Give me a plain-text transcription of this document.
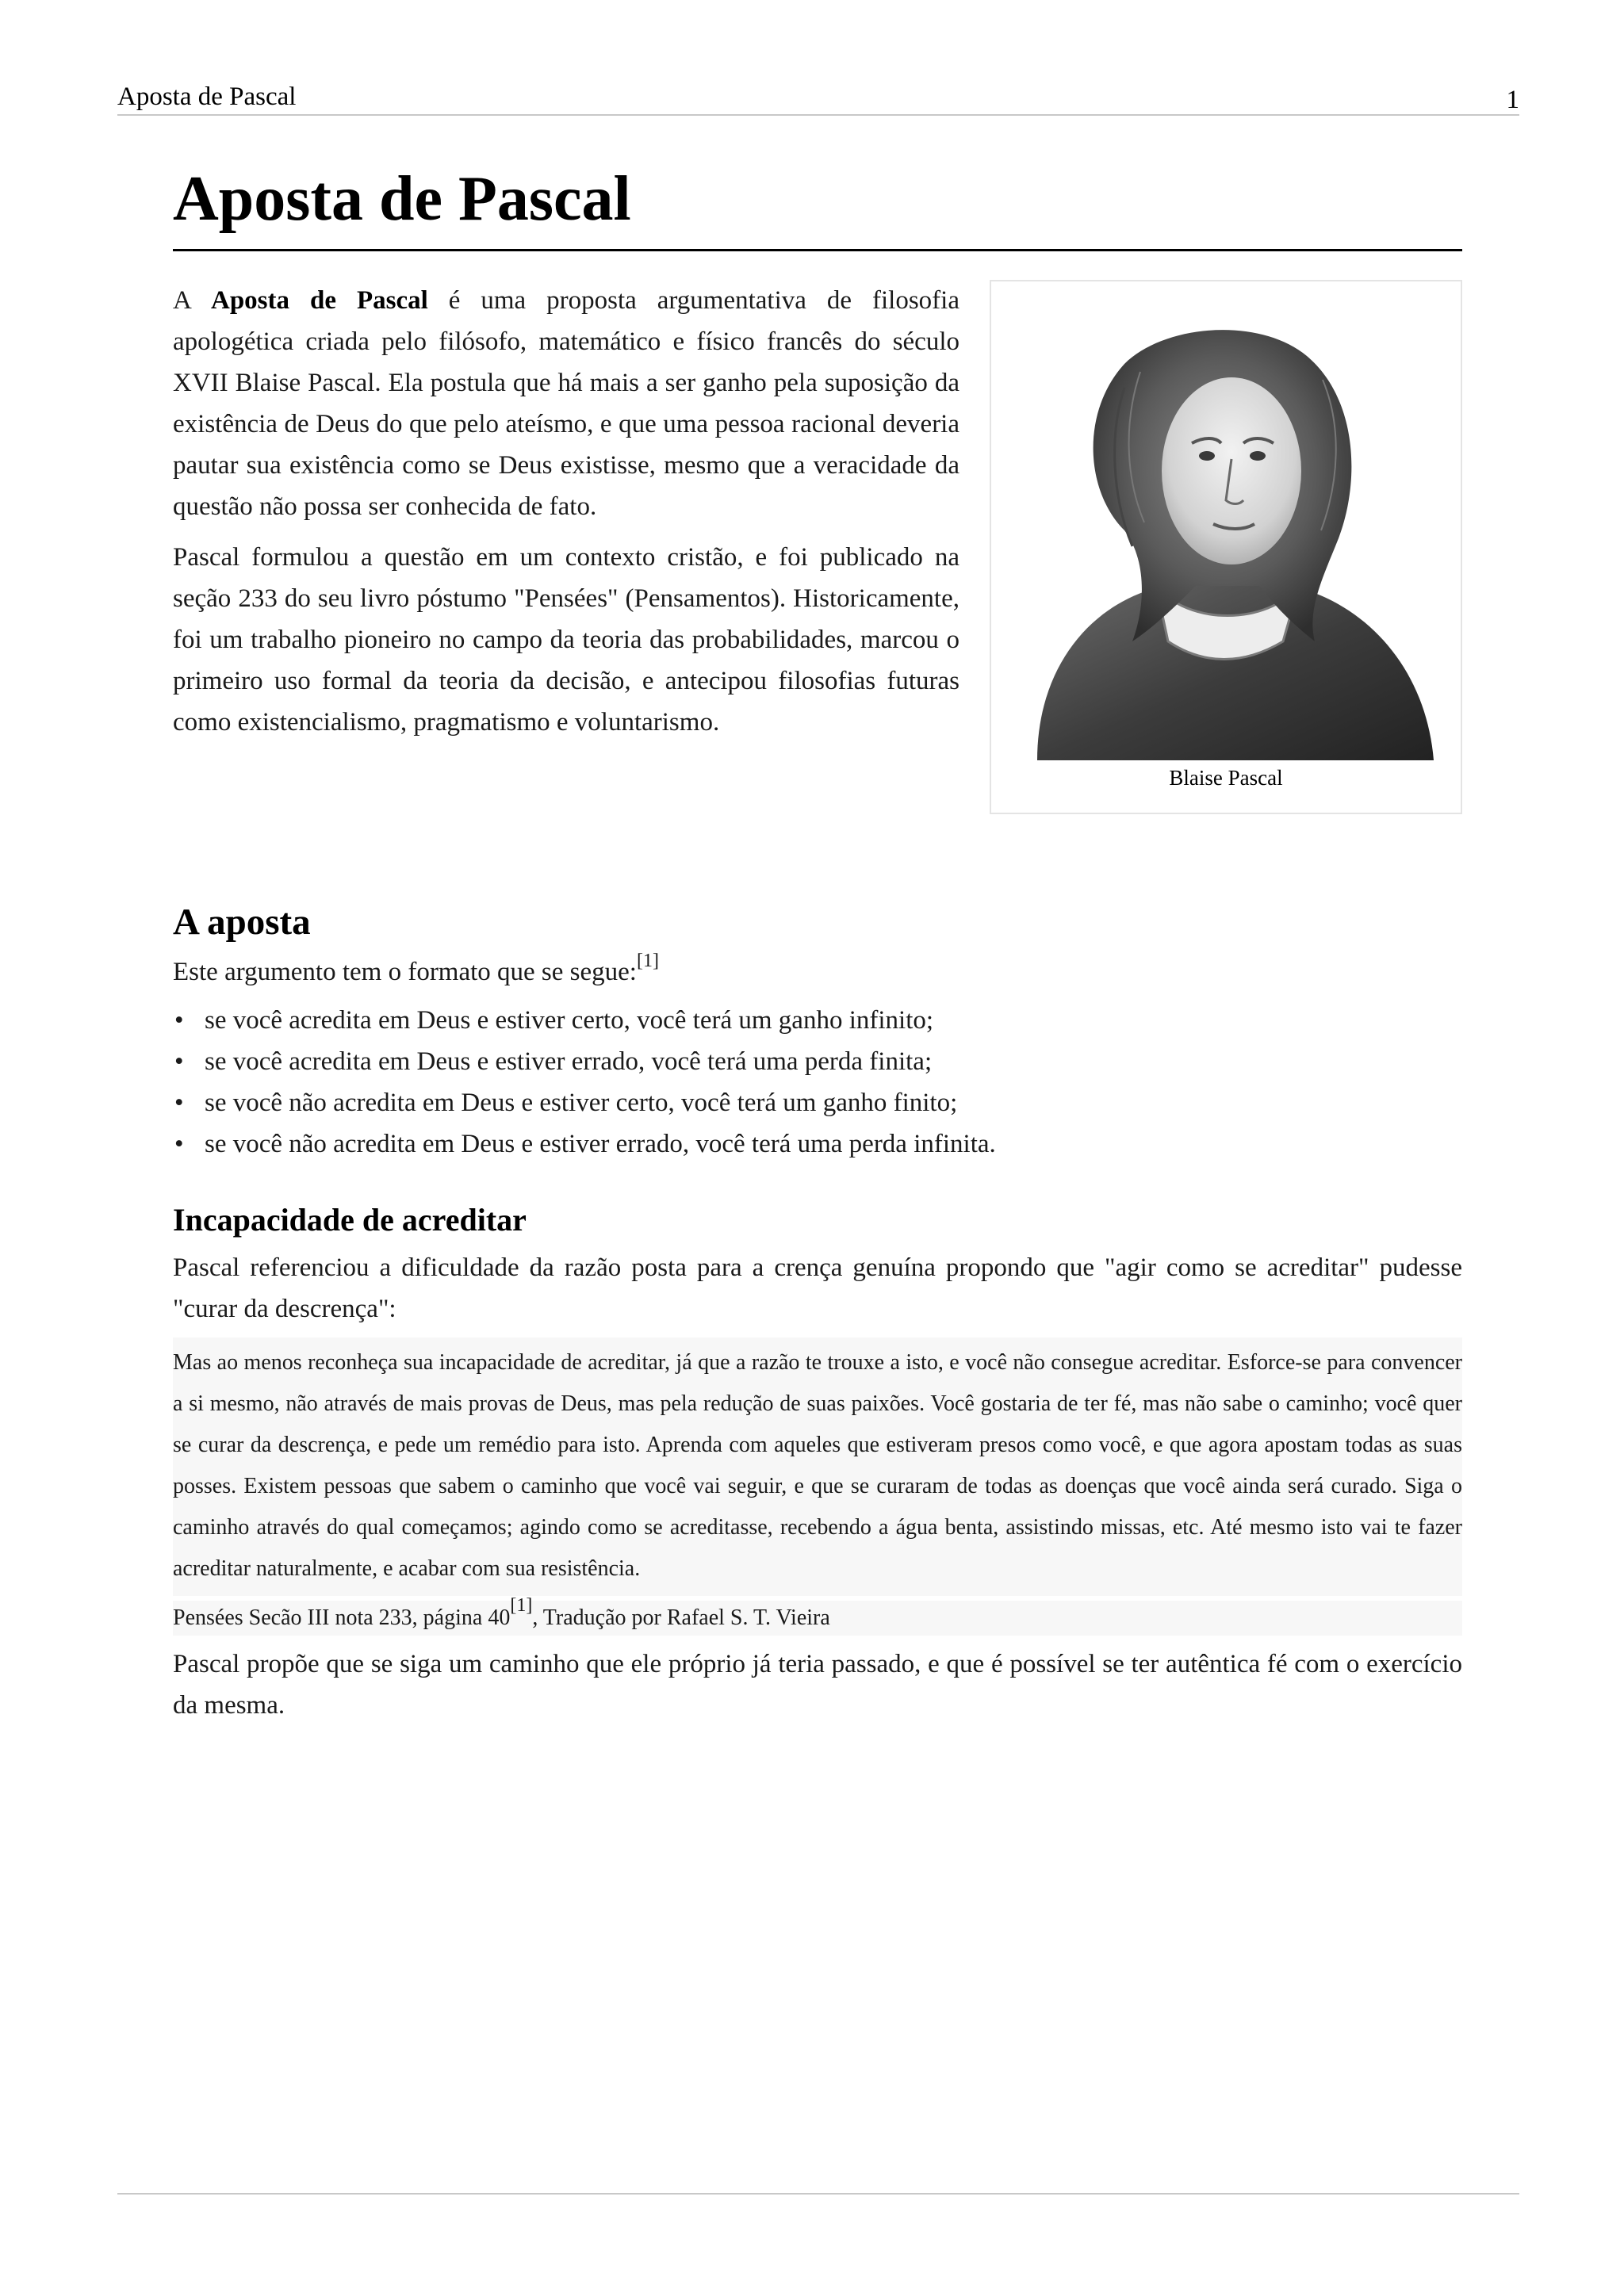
Aposta de Pascal	1
Aposta de Pascal

A Aposta de Pascal é uma proposta argumentativa de filosofia apologética criada pelo filósofo, matemático e físico francês do século XVII Blaise Pascal. Ela postula que há mais a ser ganho pela suposição da existência de Deus do que pelo ateísmo, e que uma pessoa racional deveria pautar sua existência como se Deus existisse, mesmo que a veracidade da questão não possa ser conhecida de fato.

Pascal formulou a questão em um contexto cristão, e foi publicado na seção 233 do seu livro póstumo "Pensées" (Pensamentos). Historicamente, foi um trabalho pioneiro no campo da teoria das probabilidades, marcou o primeiro uso formal da teoria da decisão, e antecipou filosofias futuras como existencialismo, pragmatismo e voluntarismo.

Blaise Pascal
A aposta

Este argumento tem o formato que se segue:[1]

• se você acredita em Deus e estiver certo, você terá um ganho infinito;
• se você acredita em Deus e estiver errado, você terá uma perda finita;
• se você não acredita em Deus e estiver certo, você terá um ganho finito;
• se você não acredita em Deus e estiver errado, você terá uma perda infinita.
Incapacidade de acreditar

Pascal referenciou a dificuldade da razão posta para a crença genuína propondo que "agir como se acreditar" pudesse "curar da descrença":

Mas ao menos reconheça sua incapacidade de acreditar, já que a razão te trouxe a isto, e você não consegue acreditar. Esforce-se para convencer a si mesmo, não através de mais provas de Deus, mas pela redução de suas paixões. Você gostaria de ter fé, mas não sabe o caminho; você quer se curar da descrença, e pede um remédio para isto. Aprenda com aqueles que estiveram presos como você, e que agora apostam todas as suas posses. Existem pessoas que sabem o caminho que você vai seguir, e que se curaram de todas as doenças que você ainda será curado. Siga o caminho através do qual começamos; agindo como se acreditasse, recebendo a água benta, assistindo missas, etc. Até mesmo isto vai te fazer acreditar naturalmente, e acabar com sua resistência.
Pensées Secão III nota 233, página 40[1], Tradução por Rafael S. T. Vieira

Pascal propõe que se siga um caminho que ele próprio já teria passado, e que é possível se ter autêntica fé com o exercício da mesma.
